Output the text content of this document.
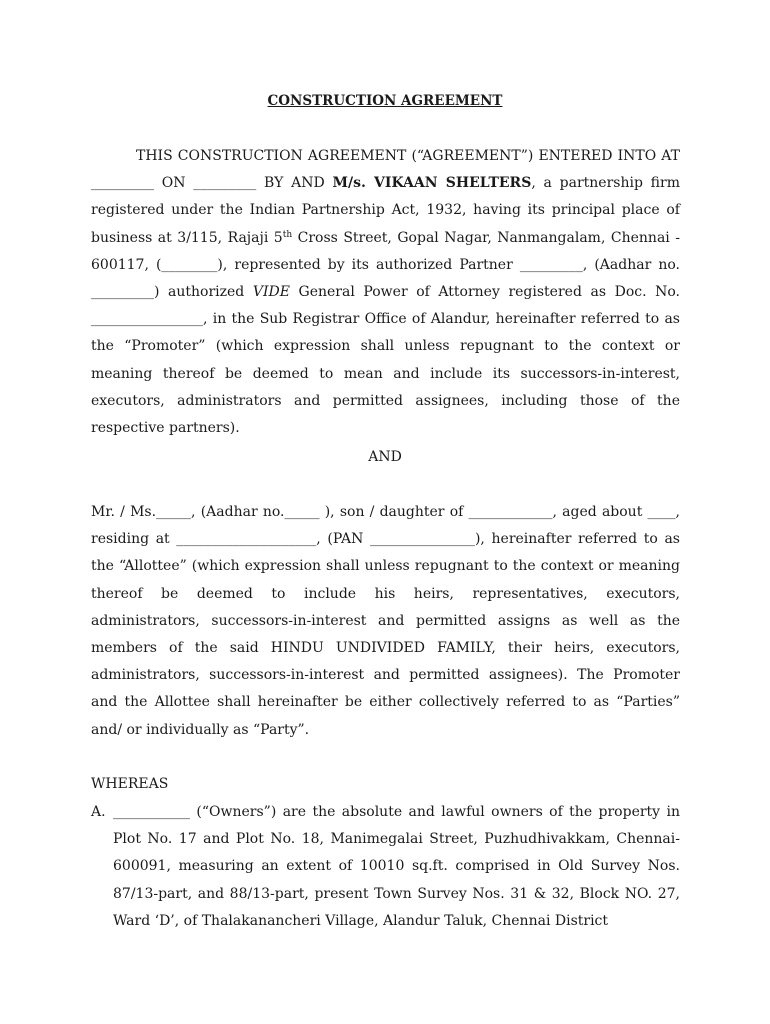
CONSTRUCTION AGREEMENT
THIS CONSTRUCTION AGREEMENT (“AGREEMENT”) ENTERED INTO AT _________ ON _________ BY AND M/s. VIKAAN SHELTERS, a partnership firm registered under the Indian Partnership Act, 1932, having its principal place of business at 3/115, Rajaji 5th Cross Street, Gopal Nagar, Nanmangalam, Chennai - 600117, (________), represented by its authorized Partner _________, (Aadhar no. _________) authorized VIDE General Power of Attorney registered as Doc. No. ________________, in the Sub Registrar Office of Alandur, hereinafter referred to as the “Promoter” (which expression shall unless repugnant to the context or meaning thereof be deemed to mean and include its successors-in-interest, executors, administrators and permitted assignees, including those of the respective partners).
AND
Mr. / Ms._____, (Aadhar no._____ ), son / daughter of ____________, aged about ____, residing at ____________________, (PAN _______________), hereinafter referred to as the “Allottee” (which expression shall unless repugnant to the context or meaning thereof be deemed to include his heirs, representatives, executors, administrators, successors-in-interest and permitted assigns as well as the members of the said HINDU UNDIVIDED FAMILY, their heirs, executors, administrators, successors-in-interest and permitted assignees). The Promoter and the Allottee shall hereinafter be either collectively referred to as “Parties” and/ or individually as “Party”.
WHEREAS
A. ___________ (“Owners”) are the absolute and lawful owners of the property in Plot No. 17 and Plot No. 18, Manimegalai Street, Puzhudhivakkam, Chennai-600091, measuring an extent of 10010 sq.ft. comprised in Old Survey Nos. 87/13-part, and 88/13-part, present Town Survey Nos. 31 & 32, Block NO. 27, Ward ‘D’, of Thalakanancheri Village, Alandur Taluk, Chennai District
